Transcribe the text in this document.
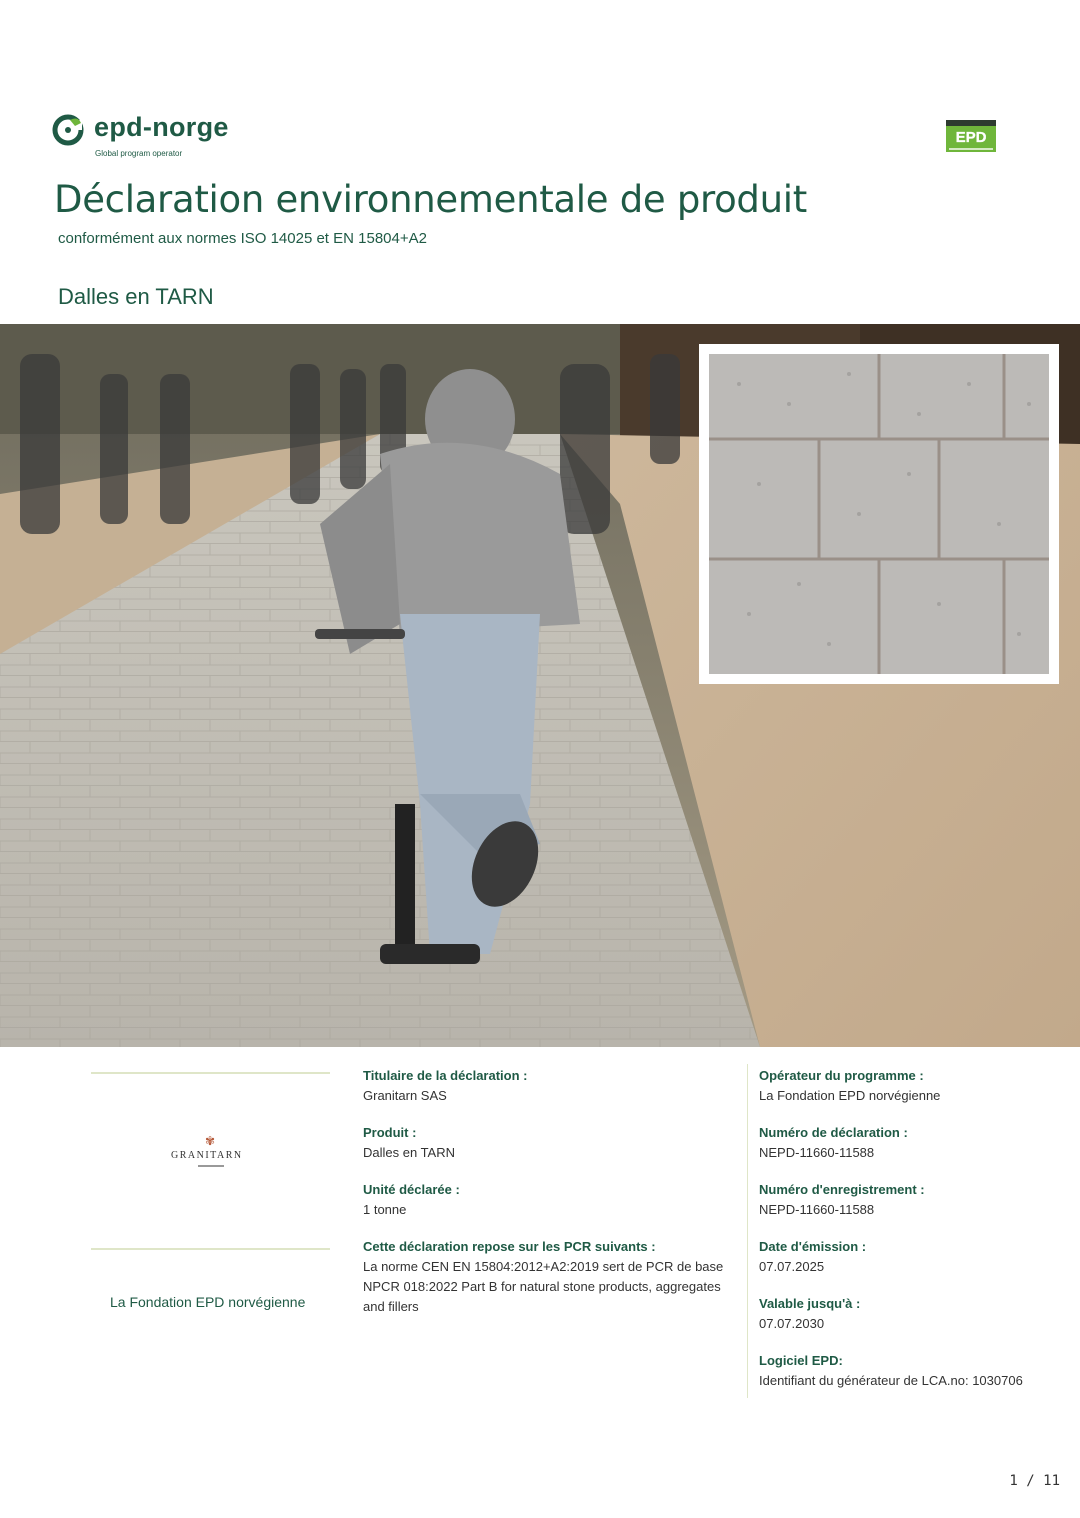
epd-norge
Global program operator
EPD
Déclaration environnementale de produit
conformément aux normes ISO 14025 et EN 15804+A2
Dalles en TARN
✾
GRANITARN
La Fondation EPD norvégienne
Titulaire de la déclaration :
Granitarn SAS
Produit :
Dalles en TARN
Unité déclarée :
1 tonne
Cette déclaration repose sur les PCR suivants :
La norme CEN EN 15804:2012+A2:2019 sert de PCR de base
NPCR 018:2022 Part B for natural stone products, aggregates and fillers
Opérateur du programme :
La Fondation EPD norvégienne
Numéro de déclaration :
NEPD-11660-11588
Numéro d'enregistrement :
NEPD-11660-11588
Date d'émission :
07.07.2025
Valable jusqu'à :
07.07.2030
Logiciel EPD:
Identifiant du générateur de LCA.no: 1030706
1 / 11
